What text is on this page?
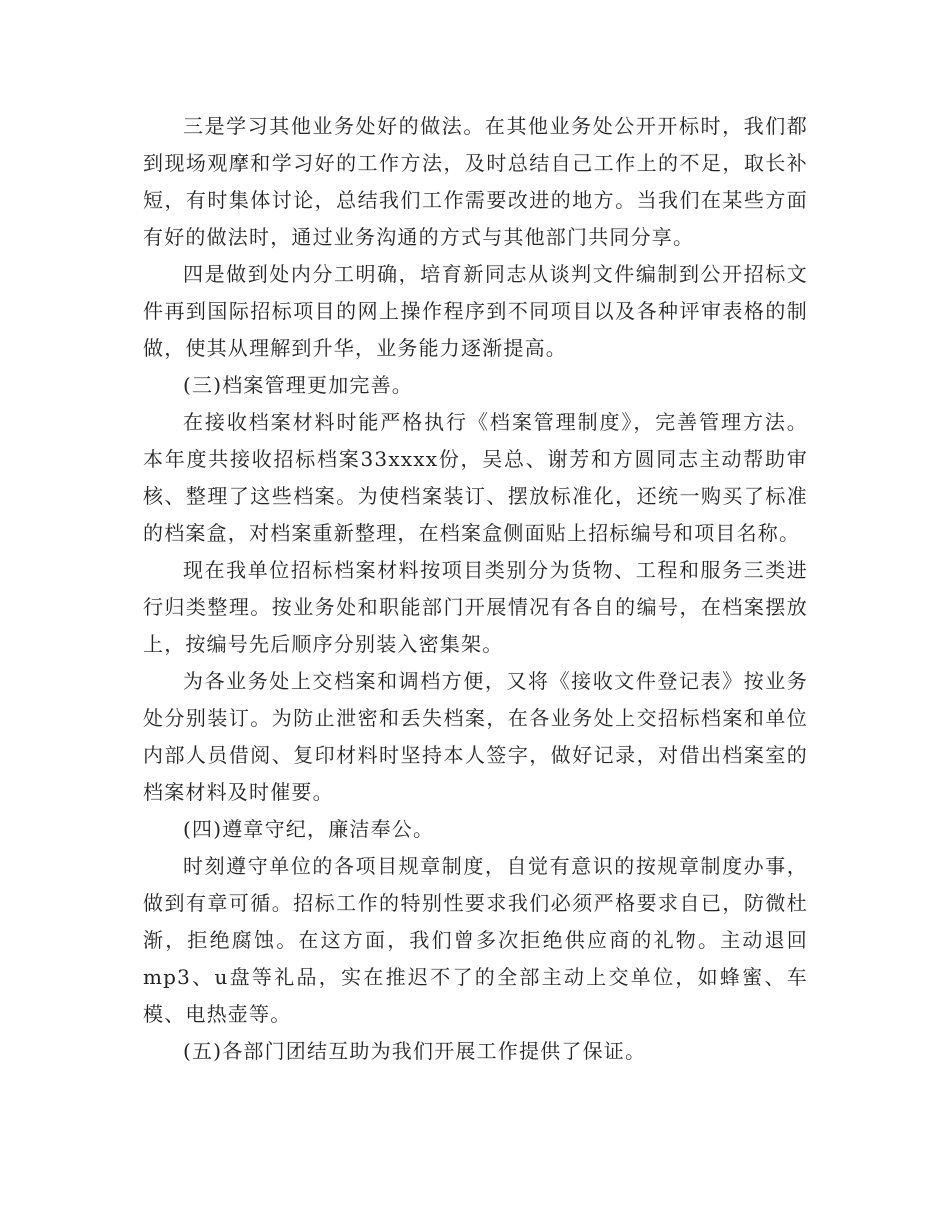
三是学习其他业务处好的做法。在其他业务处公开开标时，我们都到现场观摩和学习好的工作方法，及时总结自己工作上的不足，取长补短，有时集体讨论，总结我们工作需要改进的地方。当我们在某些方面有好的做法时，通过业务沟通的方式与其他部门共同分享。

四是做到处内分工明确，培育新同志从谈判文件编制到公开招标文件再到国际招标项目的网上操作程序到不同项目以及各种评审表格的制做，使其从理解到升华，业务能力逐渐提高。

(三)档案管理更加完善。

在接收档案材料时能严格执行《档案管理制度》，完善管理方法。本年度共接收招标档案33xxxx份，吴总、谢芳和方圆同志主动帮助审核、整理了这些档案。为使档案装订、摆放标准化，还统一购买了标准的档案盒，对档案重新整理，在档案盒侧面贴上招标编号和项目名称。

现在我单位招标档案材料按项目类别分为货物、工程和服务三类进行归类整理。按业务处和职能部门开展情况有各自的编号，在档案摆放上，按编号先后顺序分别装入密集架。

为各业务处上交档案和调档方便，又将《接收文件登记表》按业务处分别装订。为防止泄密和丢失档案，在各业务处上交招标档案和单位内部人员借阅、复印材料时坚持本人签字，做好记录，对借出档案室的档案材料及时催要。

(四)遵章守纪，廉洁奉公。

时刻遵守单位的各项目规章制度，自觉有意识的按规章制度办事，做到有章可循。招标工作的特别性要求我们必须严格要求自已，防微杜渐，拒绝腐蚀。在这方面，我们曾多次拒绝供应商的礼物。主动退回mp3、u盘等礼品，实在推迟不了的全部主动上交单位，如蜂蜜、车模、电热壶等。

(五)各部门团结互助为我们开展工作提供了保证。
